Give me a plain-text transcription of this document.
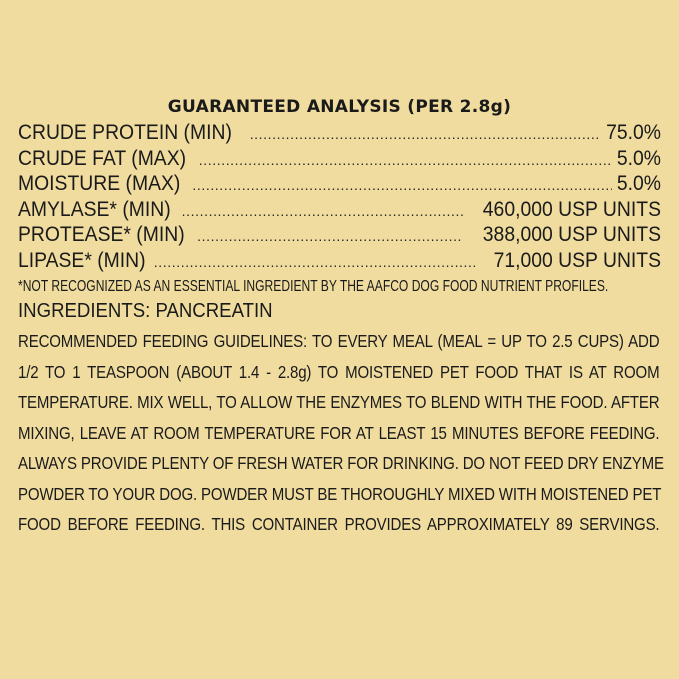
GUARANTEED ANALYSIS (PER 2.8g)
CRUDE PROTEIN (MIN) .....	75.0%
CRUDE FAT (MAX) .....	5.0%
MOISTURE (MAX) .....	5.0%
AMYLASE* (MIN) .....	460,000 USP UNITS
PROTEASE* (MIN) .....	388,000 USP UNITS
LIPASE* (MIN) .....	71,000 USP UNITS
*NOT RECOGNIZED AS AN ESSENTIAL INGREDIENT BY THE AAFCO DOG FOOD NUTRIENT PROFILES.
INGREDIENTS: PANCREATIN
RECOMMENDED FEEDING GUIDELINES: TO EVERY MEAL (MEAL = UP TO 2.5 CUPS) ADD
1/2 TO 1 TEASPOON (ABOUT 1.4 - 2.8g) TO MOISTENED PET FOOD THAT IS AT ROOM
TEMPERATURE. MIX WELL, TO ALLOW THE ENZYMES TO BLEND WITH THE FOOD. AFTER
MIXING, LEAVE AT ROOM TEMPERATURE FOR AT LEAST 15 MINUTES BEFORE FEEDING.
ALWAYS PROVIDE PLENTY OF FRESH WATER FOR DRINKING. DO NOT FEED DRY ENZYME
POWDER TO YOUR DOG. POWDER MUST BE THOROUGHLY MIXED WITH MOISTENED PET
FOOD BEFORE FEEDING. THIS CONTAINER PROVIDES APPROXIMATELY 89 SERVINGS.
